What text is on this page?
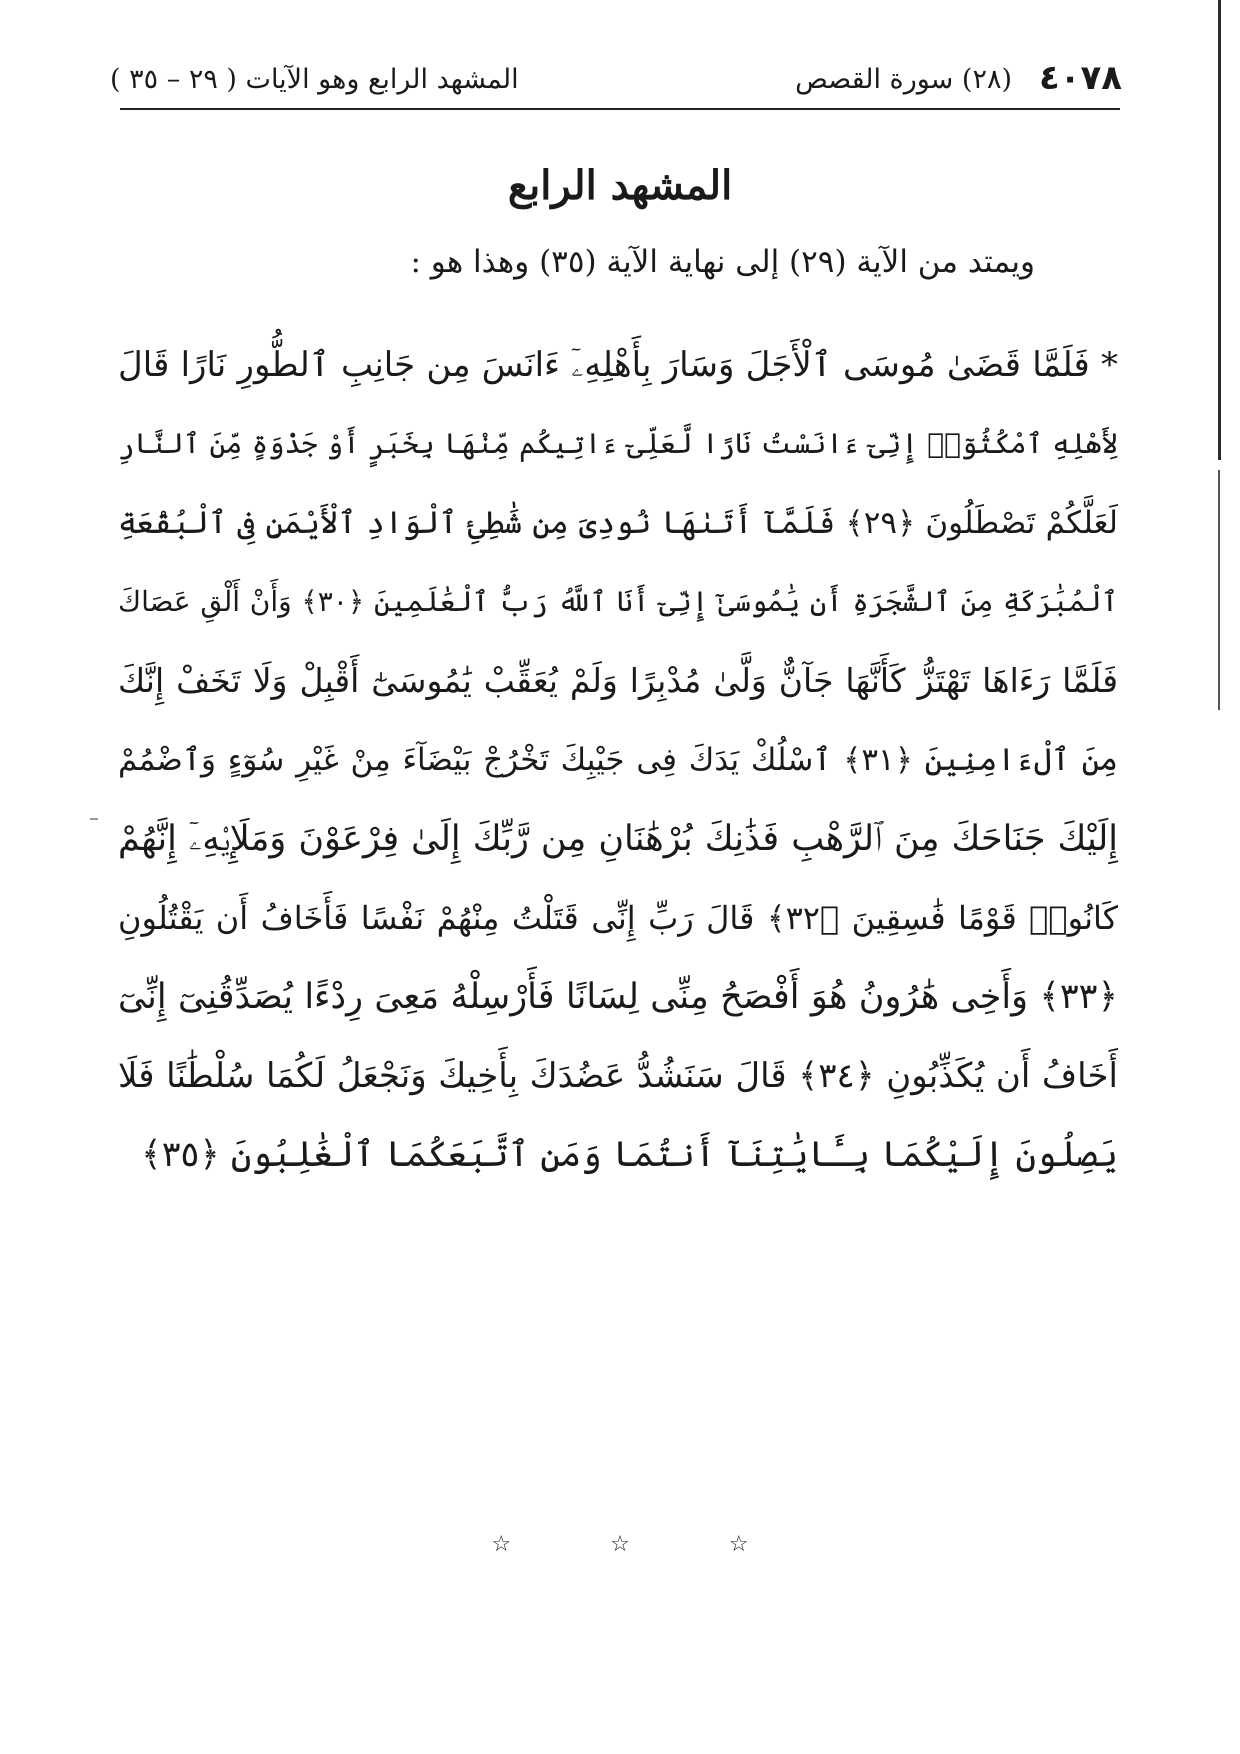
٤٠٧٨
(٢٨) سورة القصص
المشهد الرابع وهو الآيات ( ٢٩ – ٣٥ )
المشهد الرابع
ويمتد من الآية (٢٩) إلى نهاية الآية (٣٥) وهذا هو :
* فَلَمَّا قَضَىٰ مُوسَى ٱلْأَجَلَ وَسَارَ بِأَهْلِهِۦٓ ءَانَسَ مِن جَانِبِ ٱلطُّورِ نَارًا قَالَ
لِأَهْلِهِ ٱمْكُثُوٓا۟ إِنِّىٓ ءَانَسْتُ نَارًا لَّعَلِّىٓ ءَاتِيكُم مِّنْهَا بِخَبَرٍ أَوْ جَذْوَةٍ مِّنَ ٱلنَّارِ
لَعَلَّكُمْ تَصْطَلُونَ ﴿٢٩﴾ فَلَمَّآ أَتَىٰهَا نُودِىَ مِن شَٰطِئِ ٱلْوَادِ ٱلْأَيْمَنِ فِى ٱلْبُقْعَةِ
ٱلْمُبَٰرَكَةِ مِنَ ٱلشَّجَرَةِ أَن يَٰمُوسَىٰٓ إِنِّىٓ أَنَا ٱللَّهُ رَبُّ ٱلْعَٰلَمِينَ ﴿٣٠﴾ وَأَنْ أَلْقِ عَصَاكَ
فَلَمَّا رَءَاهَا تَهْتَزُّ كَأَنَّهَا جَآنٌّ وَلَّىٰ مُدْبِرًا وَلَمْ يُعَقِّبْ يَٰمُوسَىٰٓ أَقْبِلْ وَلَا تَخَفْ إِنَّكَ
مِنَ ٱلْءَامِنِينَ ﴿٣١﴾ ٱسْلُكْ يَدَكَ فِى جَيْبِكَ تَخْرُجْ بَيْضَآءَ مِنْ غَيْرِ سُوٓءٍ وَٱضْمُمْ
إِلَيْكَ جَنَاحَكَ مِنَ ٱلرَّهْبِ فَذَٰنِكَ بُرْهَٰنَانِ مِن رَّبِّكَ إِلَىٰ فِرْعَوْنَ وَمَلَإِي۟هِۦٓ إِنَّهُمْ
كَانُوا۟ قَوْمًا فَٰسِقِينَ ﴿٣٢﴾ قَالَ رَبِّ إِنِّى قَتَلْتُ مِنْهُمْ نَفْسًا فَأَخَافُ أَن يَقْتُلُونِ
﴿٣٣﴾ وَأَخِى هَٰرُونُ هُوَ أَفْصَحُ مِنِّى لِسَانًا فَأَرْسِلْهُ مَعِىَ رِدْءًا يُصَدِّقُنِىٓ إِنِّىٓ
أَخَافُ أَن يُكَذِّبُونِ ﴿٣٤﴾ قَالَ سَنَشُدُّ عَضُدَكَ بِأَخِيكَ وَنَجْعَلُ لَكُمَا سُلْطَٰنًا فَلَا
يَصِلُونَ إِلَيْكُمَا بِـَٔايَٰتِنَآ أَنتُمَا وَمَنِ ٱتَّبَعَكُمَا ٱلْغَٰلِبُونَ ﴿٣٥﴾
☆ ☆ ☆
